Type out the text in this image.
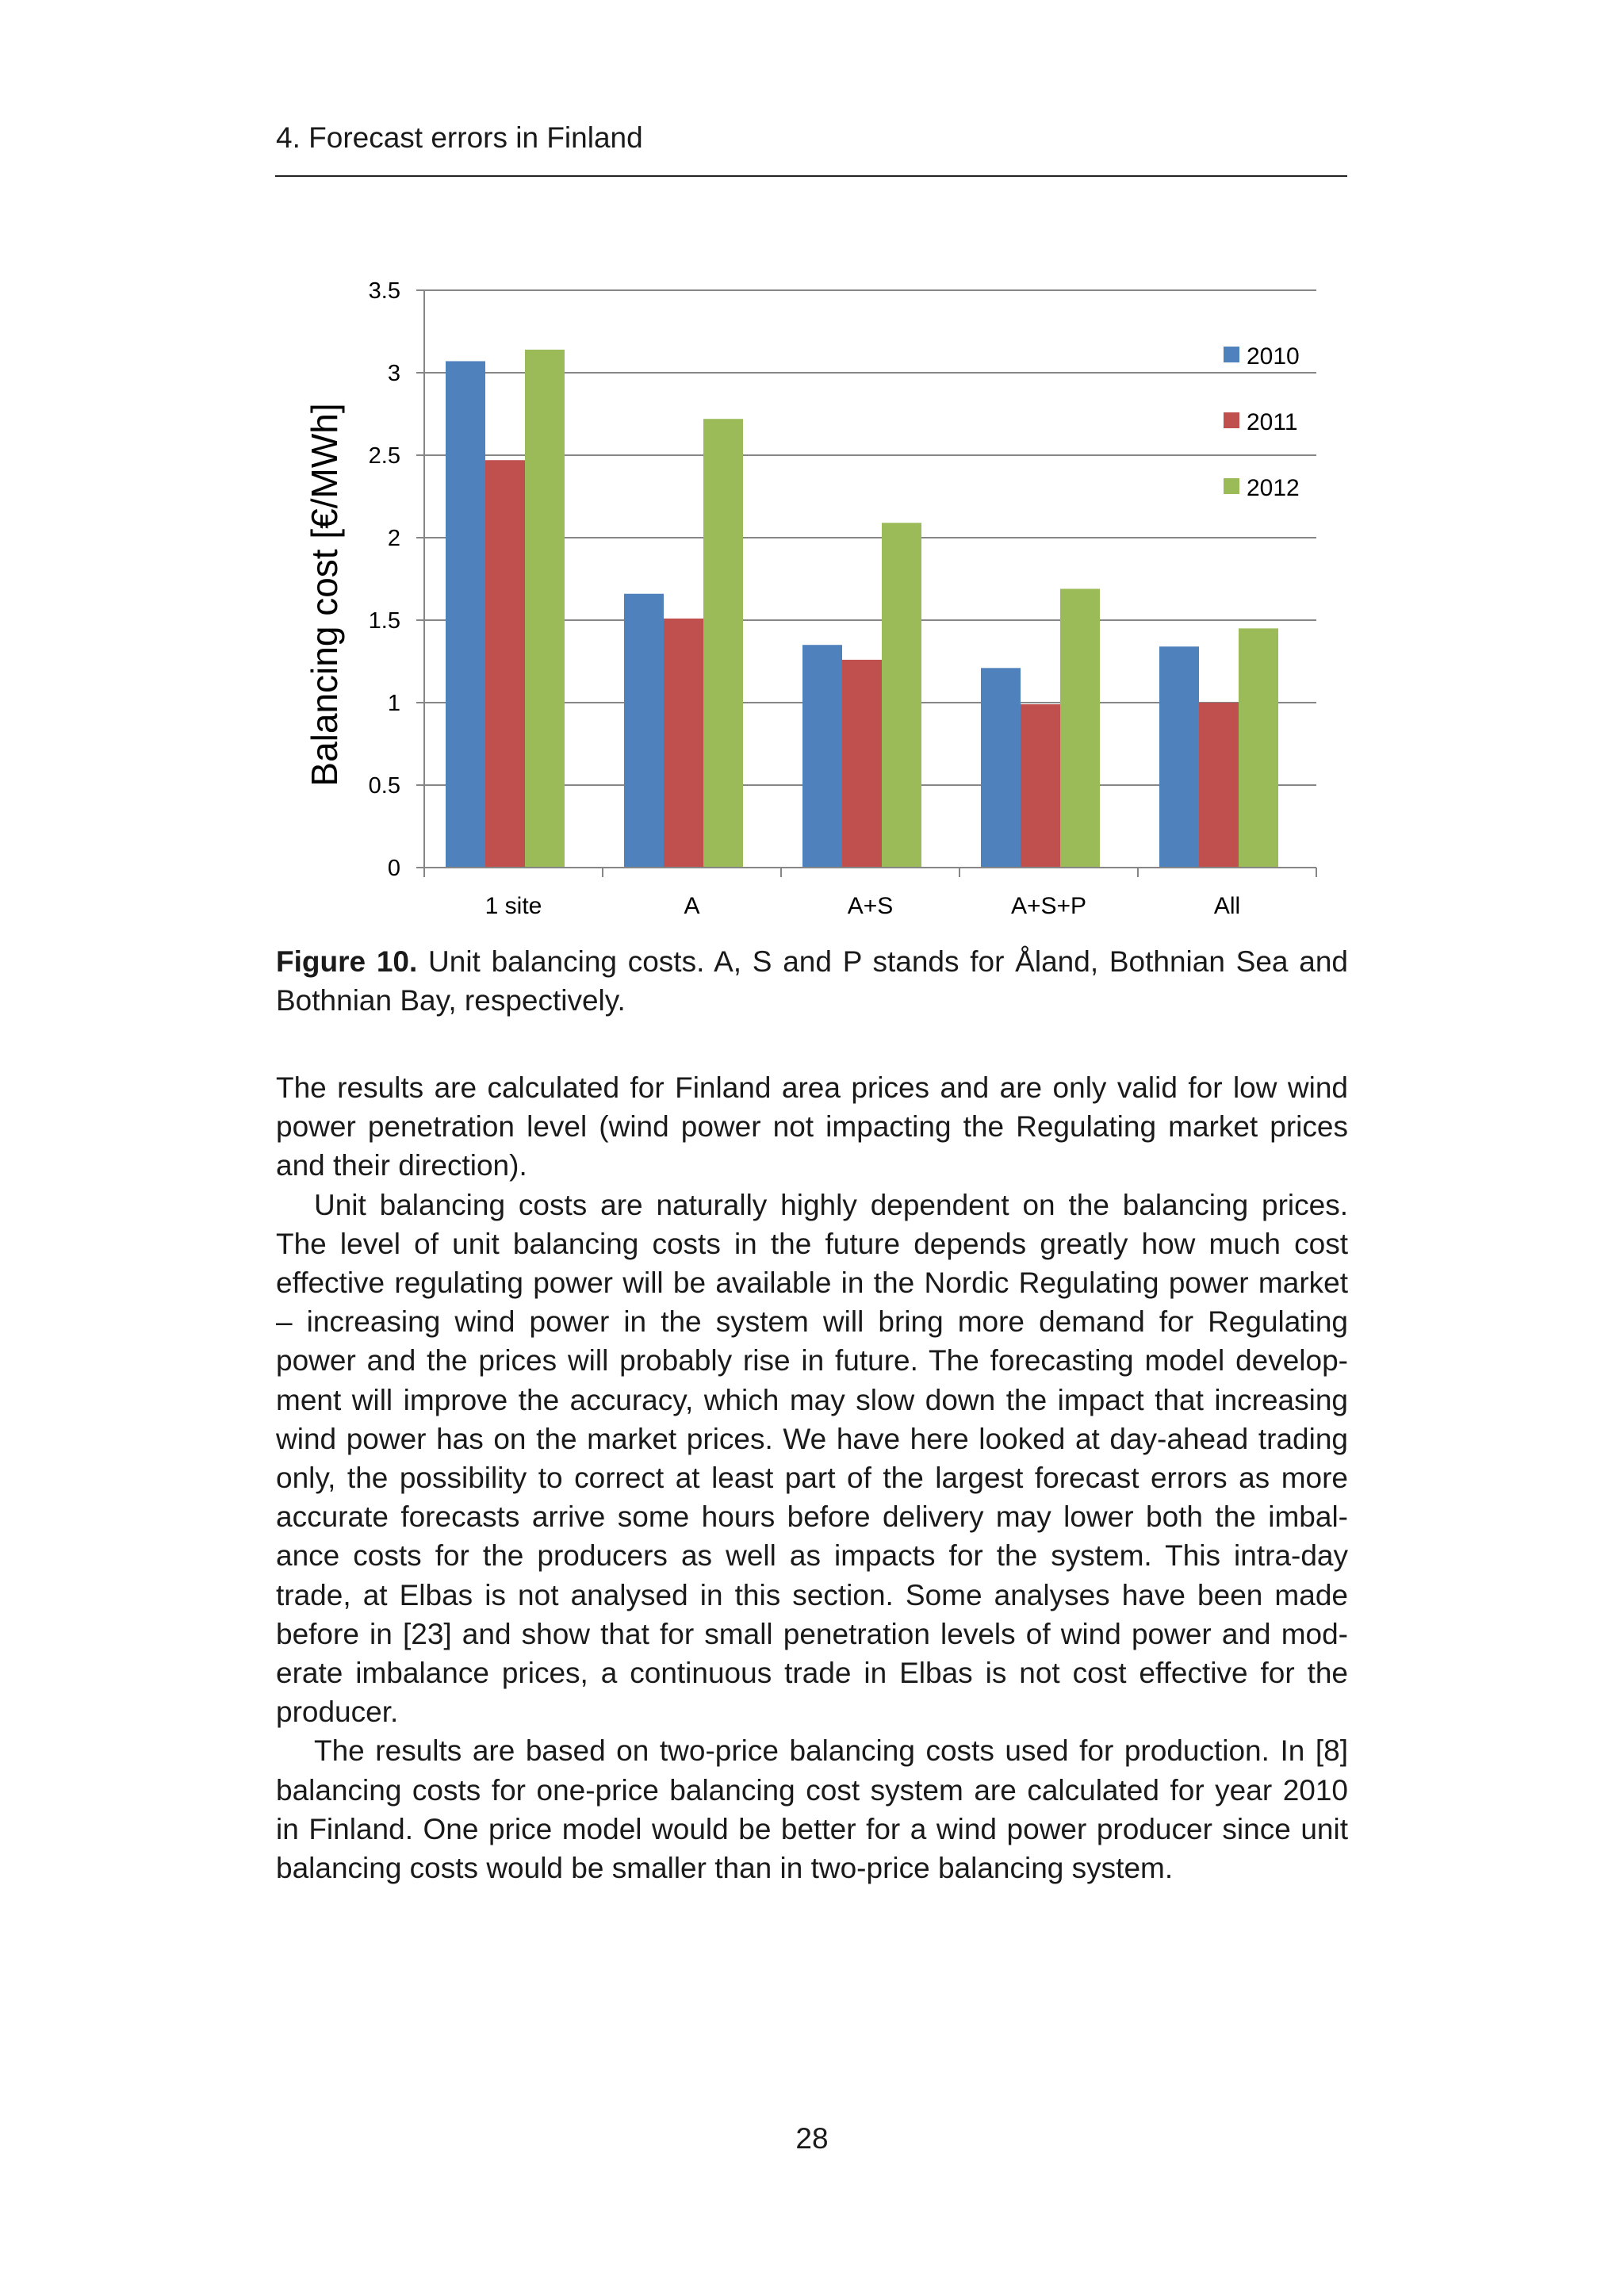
4. Forecast errors in Finland
0
0.5
1
1.5
2
2.5
3
3.5
1 site	A	A+S	A+S+P	All
2010
2011
2012
Balancing cost [€/MWh]
Figure 10. Unit balancing costs. A, S and P stands for Åland, Bothnian Sea and Bothnian Bay, respectively.

The results are calculated for Finland area prices and are only valid for low wind power penetration level (wind power not impacting the Regulating market prices and their direction).

Unit balancing costs are naturally highly dependent on the balancing prices. The level of unit balancing costs in the future depends greatly how much cost effective regulating power will be available in the Nordic Regulating power market – increasing wind power in the system will bring more demand for Regulating power and the prices will probably rise in future. The forecasting model develop-ment will improve the accuracy, which may slow down the impact that increasing wind power has on the market prices. We have here looked at day-ahead trading only, the possibility to correct at least part of the largest forecast errors as more accurate forecasts arrive some hours before delivery may lower both the imbal-ance costs for the producers as well as impacts for the system. This intra-day trade, at Elbas is not analysed in this section. Some analyses have been made before in [23] and show that for small penetration levels of wind power and mod-erate imbalance prices, a continuous trade in Elbas is not cost effective for the producer.

The results are based on two-price balancing costs used for production. In [8] balancing costs for one-price balancing cost system are calculated for year 2010 in Finland. One price model would be better for a wind power producer since unit balancing costs would be smaller than in two-price balancing system.

28
